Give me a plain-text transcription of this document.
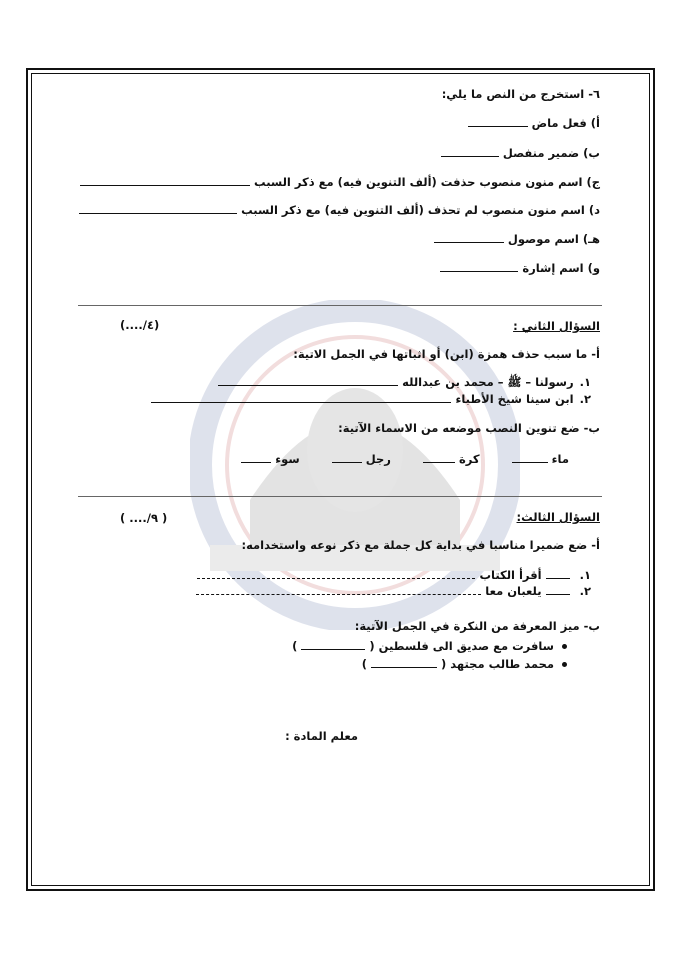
٦- استخرج من النص ما يلي:
أ) فعل ماض
ب) ضمير منفصل
ج) اسم منون منصوب حذفت (ألف التنوين فيه) مع ذكر السبب
د) اسم منون منصوب لم تحذف (ألف التنوين فيه) مع ذكر السبب
هـ) اسم موصول
و) اسم إشارة
السؤال الثاني :
(..../٤)
أ- ما سبب حذف همزة (ابن) أو اثباتها في الجمل الاتية:
١.رسولنا – ﷺ – محمد بن عبدالله
٢.ابن سينا شيخ الأطباء
ب- ضع تنوين النصب موضعه من الاسماء الآتية:
ماء         كرة         رجل         سوء
السؤال الثالث:
( ..../٩ )
أ- ضع ضميرا مناسبا في بداية كل جملة مع ذكر نوعه واستخدامه:
١.  أقرأ الكتاب
٢.  يلعبان معا
ب- ميز المعرفة من النكرة في الجمل الآتية:
سافرت مع صديق الى فلسطين (  )
محمد طالب مجتهد (  )
معلم المادة :
